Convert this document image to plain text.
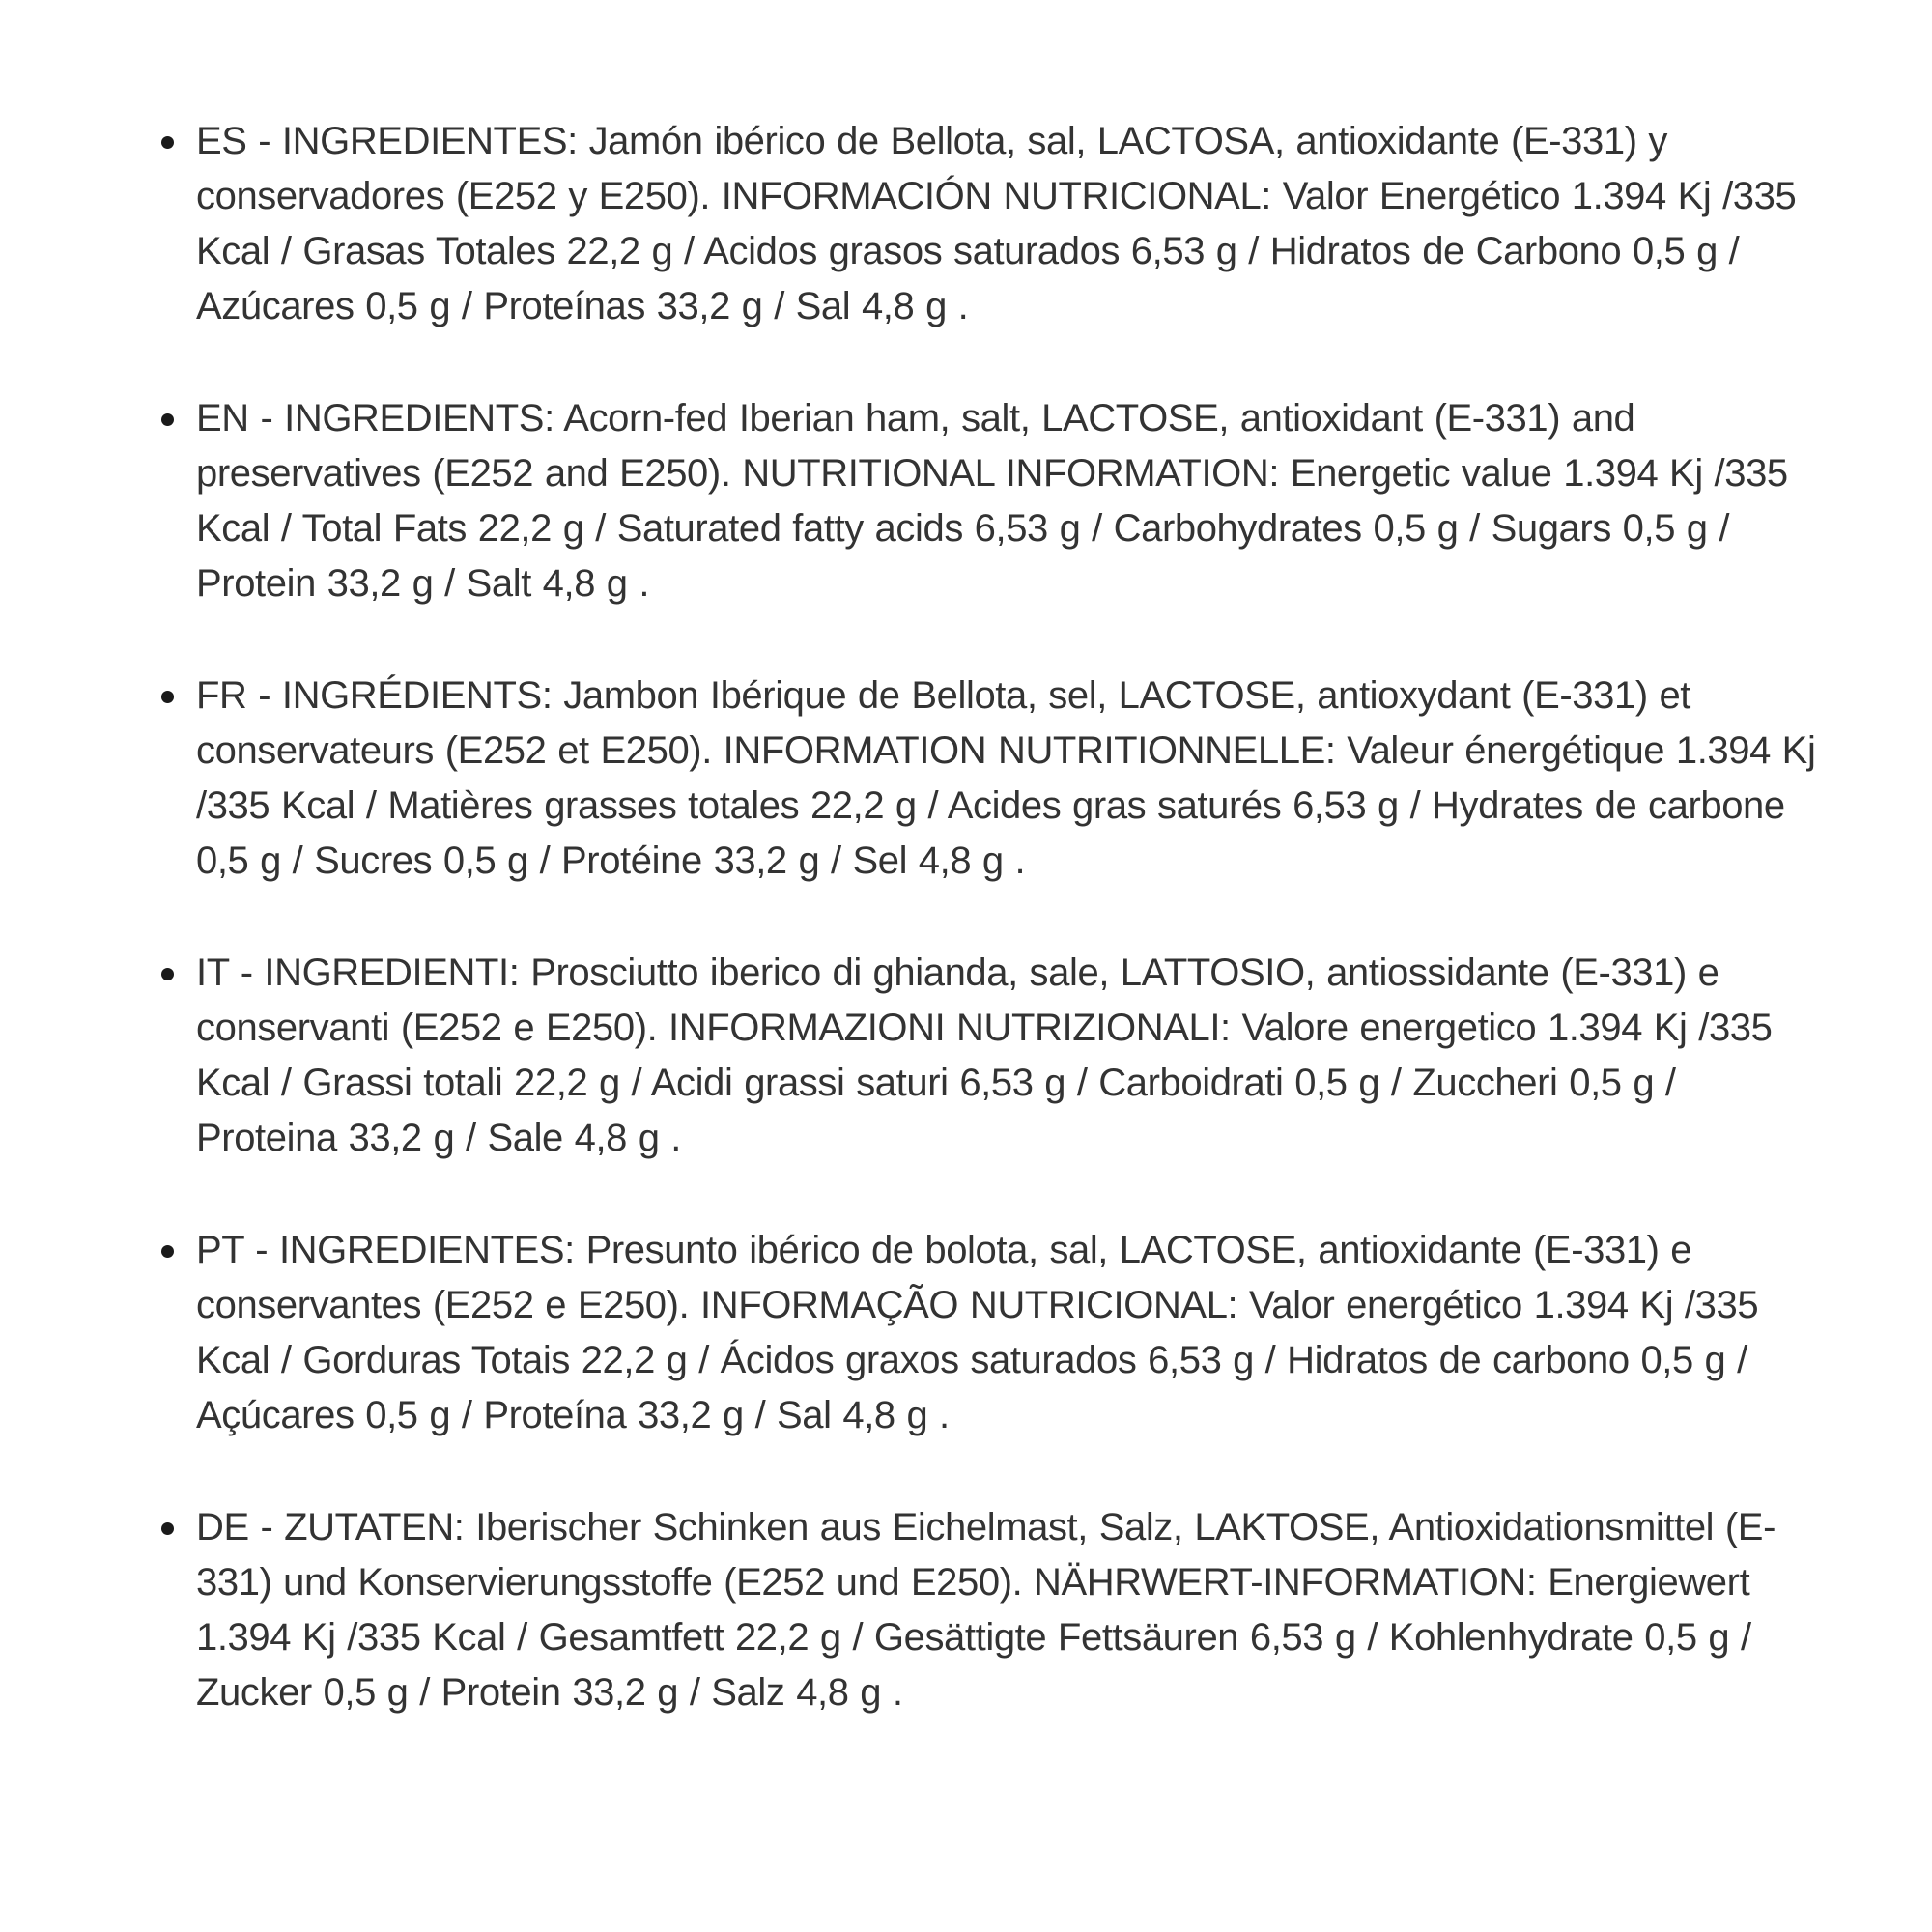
ES - INGREDIENTES: Jamón ibérico de Bellota, sal, LACTOSA, antioxidante (E-331) y conservadores (E252 y E250). INFORMACIÓN NUTRICIONAL: Valor Energético 1.394 Kj /335 Kcal / Grasas Totales 22,2 g / Acidos grasos saturados 6,53 g / Hidratos de Carbono 0,5 g / Azúcares 0,5 g / Proteínas 33,2 g / Sal 4,8 g .
EN - INGREDIENTS: Acorn-fed Iberian ham, salt, LACTOSE, antioxidant (E-331) and preservatives (E252 and E250). NUTRITIONAL INFORMATION: Energetic value 1.394 Kj /335 Kcal / Total Fats 22,2 g / Saturated fatty acids 6,53 g / Carbohydrates 0,5 g / Sugars 0,5 g / Protein 33,2 g / Salt 4,8 g .
FR - INGRÉDIENTS: Jambon Ibérique de Bellota, sel, LACTOSE, antioxydant (E-331) et conservateurs (E252 et E250). INFORMATION NUTRITIONNELLE: Valeur énergétique 1.394 Kj /335 Kcal / Matières grasses totales 22,2 g / Acides gras saturés 6,53 g / Hydrates de carbone 0,5 g / Sucres 0,5 g / Protéine 33,2 g / Sel 4,8 g .
IT - INGREDIENTI: Prosciutto iberico di ghianda, sale, LATTOSIO, antiossidante (E-331) e conservanti (E252 e E250). INFORMAZIONI NUTRIZIONALI: Valore energetico 1.394 Kj /335 Kcal / Grassi totali 22,2 g / Acidi grassi saturi 6,53 g / Carboidrati 0,5 g / Zuccheri 0,5 g / Proteina 33,2 g / Sale 4,8 g .
PT - INGREDIENTES: Presunto ibérico de bolota, sal, LACTOSE, antioxidante (E-331) e conservantes (E252 e E250). INFORMAÇÃO NUTRICIONAL: Valor energético 1.394 Kj /335 Kcal / Gorduras Totais 22,2 g / Ácidos graxos saturados 6,53 g / Hidratos de carbono 0,5 g / Açúcares 0,5 g / Proteína 33,2 g / Sal 4,8 g .
DE - ZUTATEN: Iberischer Schinken aus Eichelmast, Salz, LAKTOSE, Antioxidationsmittel (E-331) und Konservierungsstoffe (E252 und E250). NÄHRWERT-INFORMATION: Energiewert 1.394 Kj /335 Kcal / Gesamtfett 22,2 g / Gesättigte Fettsäuren 6,53 g / Kohlenhydrate 0,5 g / Zucker 0,5 g / Protein 33,2 g / Salz 4,8 g .
